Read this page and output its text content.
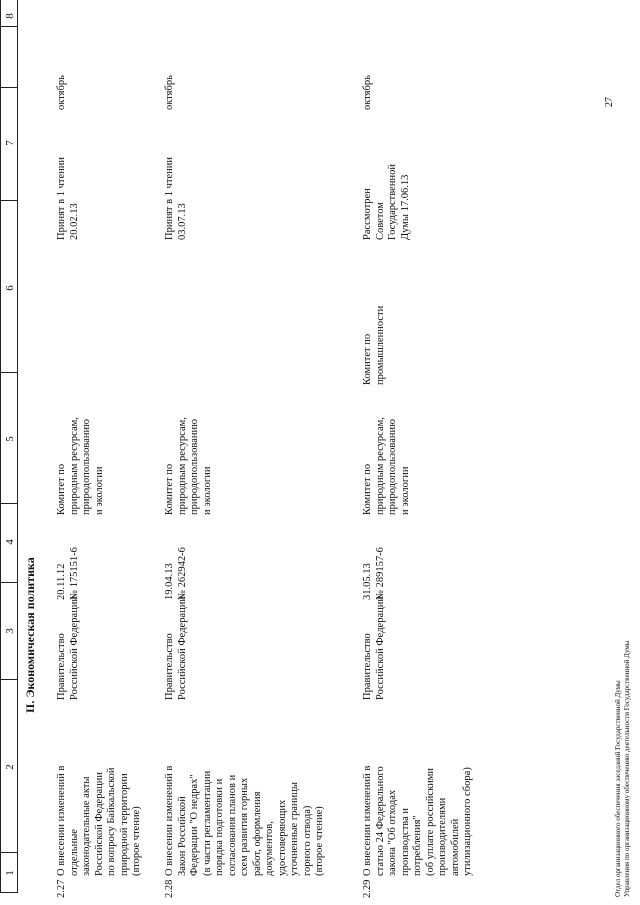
1
2
3
4
5
6
7
8
II. Экономическая политика
2.27
О внесении изменений в
отдельные
законодательные акты
Российской Федерации
по вопросу Байкальской
природной территории
(второе чтение)
Правительство
Российской Федерации
20.11.12
№ 175151-6
Комитет по
природным ресурсам,
природопользованию
и экологии
Принят в 1 чтении
20.02.13
октябрь
2.28
О внесении изменений в
Закон Российской
Федерации "О недрах"
(в части регламентации
порядка подготовки и
согласования планов и
схем развития горных
работ, оформления
документов,
удостоверяющих
уточненные границы
горного отвода)
(второе чтение)
Правительство
Российской Федерации
19.04.13
№ 262942-6
Комитет по
природным ресурсам,
природопользованию
и экологии
Принят в 1 чтении
03.07.13
октябрь
2.29
О внесении изменений в
статью 24 Федерального
закона "Об отходах
производства и
потребления"
(об уплате российскими
производителями
автомобилей
утилизационного сбора)
Правительство
Российской Федерации
31.05.13
№ 289157-6
Комитет по
природным ресурсам,
природопользованию
и экологии
Комитет по
промышленности
Рассмотрен
Советом
Государственной
Думы 17.06.13
октябрь
Отдел организационного обеспечения заседаний Государственной Думы
Управления по организационному обеспечению деятельности Государственной Думы
27
